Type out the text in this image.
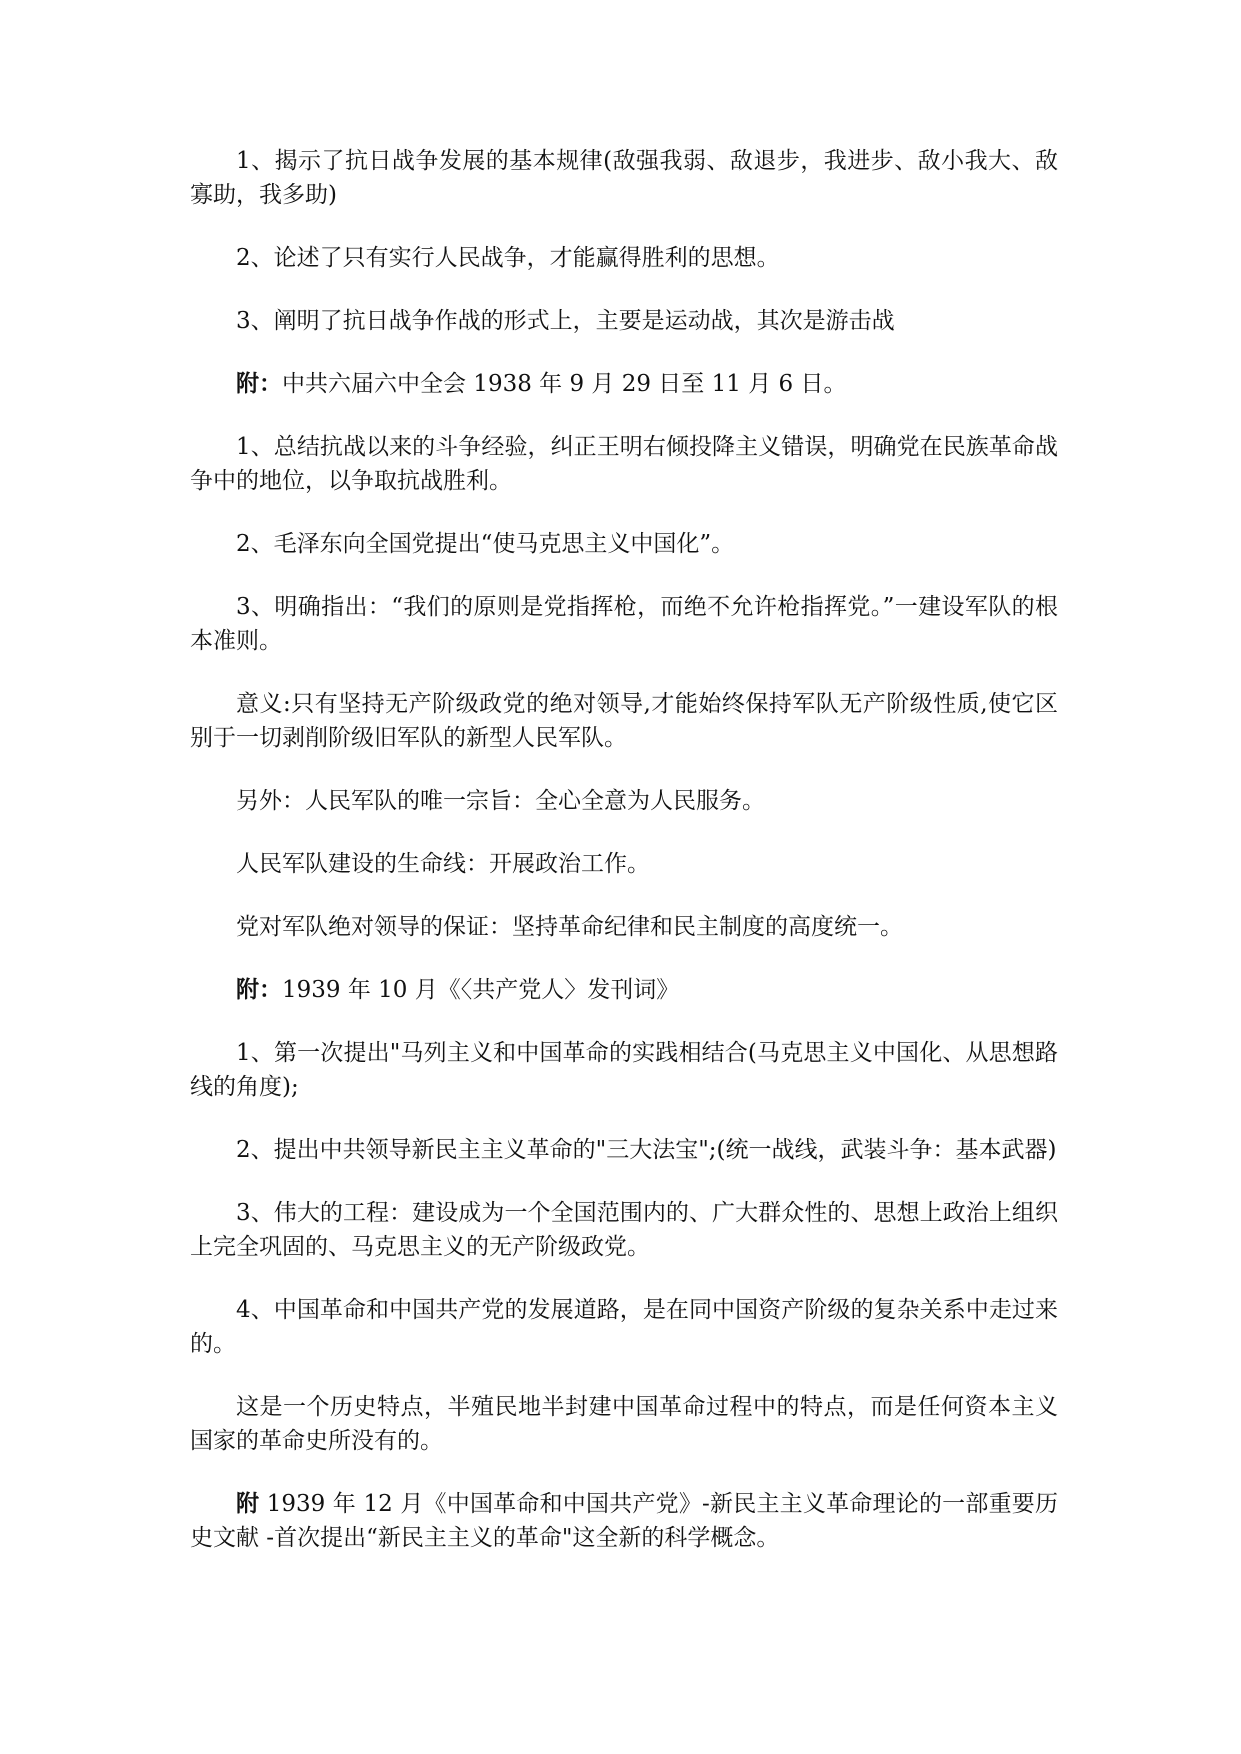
1、揭示了抗日战争发展的基本规律(敌强我弱、敌退步，我进步、敌小我大、敌寡助，我多助)

2、论述了只有实行人民战争，才能赢得胜利的思想。

3、阐明了抗日战争作战的形式上，主要是运动战，其次是游击战

附：中共六届六中全会 1938 年 9 月 29 日至 11 月 6 日。

1、总结抗战以来的斗争经验，纠正王明右倾投降主义错误，明确党在民族革命战争中的地位，以争取抗战胜利。

2、毛泽东向全国党提出“使马克思主义中国化”。

3、明确指出：“我们的原则是党指挥枪，而绝不允许枪指挥党。”一建设军队的根本准则。

意义:只有坚持无产阶级政党的绝对领导,才能始终保持军队无产阶级性质,使它区别于一切剥削阶级旧军队的新型人民军队。

另外：人民军队的唯一宗旨：全心全意为人民服务。

人民军队建设的生命线：开展政治工作。

党对军队绝对领导的保证：坚持革命纪律和民主制度的高度统一。

附：1939 年 10 月《〈共产党人〉发刊词》

1、第一次提出"马列主义和中国革命的实践相结合(马克思主义中国化、从思想路线的角度);

2、提出中共领导新民主主义革命的"三大法宝";(统一战线，武装斗争：基本武器)

3、伟大的工程：建设成为一个全国范围内的、广大群众性的、思想上政治上组织上完全巩固的、马克思主义的无产阶级政党。

4、中国革命和中国共产党的发展道路，是在同中国资产阶级的复杂关系中走过来的。

这是一个历史特点，半殖民地半封建中国革命过程中的特点，而是任何资本主义国家的革命史所没有的。

附 1939 年 12 月《中国革命和中国共产党》-新民主主义革命理论的一部重要历史文献 -首次提出“新民主主义的革命"这全新的科学概念。
